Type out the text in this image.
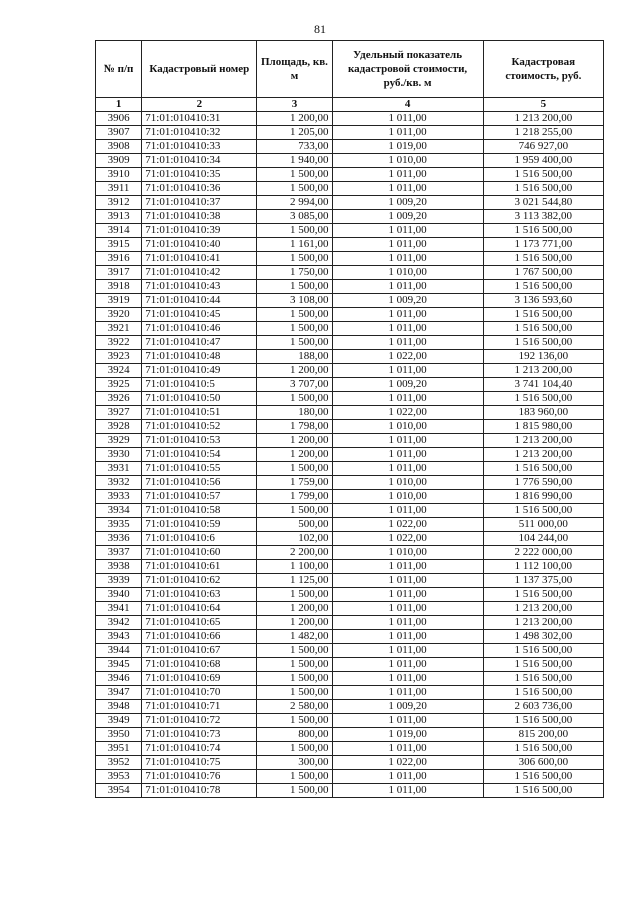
81
№ п/п	Кадастровый номер	Площадь, кв. м	Удельный показатель кадастровой стоимости, руб./кв. м	Кадастровая стоимость, руб.
1	2	3	4	5
3906	71:01:010410:31	1 200,00	1 011,00	1 213 200,00
3907	71:01:010410:32	1 205,00	1 011,00	1 218 255,00
3908	71:01:010410:33	733,00	1 019,00	746 927,00
3909	71:01:010410:34	1 940,00	1 010,00	1 959 400,00
3910	71:01:010410:35	1 500,00	1 011,00	1 516 500,00
3911	71:01:010410:36	1 500,00	1 011,00	1 516 500,00
3912	71:01:010410:37	2 994,00	1 009,20	3 021 544,80
3913	71:01:010410:38	3 085,00	1 009,20	3 113 382,00
3914	71:01:010410:39	1 500,00	1 011,00	1 516 500,00
3915	71:01:010410:40	1 161,00	1 011,00	1 173 771,00
3916	71:01:010410:41	1 500,00	1 011,00	1 516 500,00
3917	71:01:010410:42	1 750,00	1 010,00	1 767 500,00
3918	71:01:010410:43	1 500,00	1 011,00	1 516 500,00
3919	71:01:010410:44	3 108,00	1 009,20	3 136 593,60
3920	71:01:010410:45	1 500,00	1 011,00	1 516 500,00
3921	71:01:010410:46	1 500,00	1 011,00	1 516 500,00
3922	71:01:010410:47	1 500,00	1 011,00	1 516 500,00
3923	71:01:010410:48	188,00	1 022,00	192 136,00
3924	71:01:010410:49	1 200,00	1 011,00	1 213 200,00
3925	71:01:010410:5	3 707,00	1 009,20	3 741 104,40
3926	71:01:010410:50	1 500,00	1 011,00	1 516 500,00
3927	71:01:010410:51	180,00	1 022,00	183 960,00
3928	71:01:010410:52	1 798,00	1 010,00	1 815 980,00
3929	71:01:010410:53	1 200,00	1 011,00	1 213 200,00
3930	71:01:010410:54	1 200,00	1 011,00	1 213 200,00
3931	71:01:010410:55	1 500,00	1 011,00	1 516 500,00
3932	71:01:010410:56	1 759,00	1 010,00	1 776 590,00
3933	71:01:010410:57	1 799,00	1 010,00	1 816 990,00
3934	71:01:010410:58	1 500,00	1 011,00	1 516 500,00
3935	71:01:010410:59	500,00	1 022,00	511 000,00
3936	71:01:010410:6	102,00	1 022,00	104 244,00
3937	71:01:010410:60	2 200,00	1 010,00	2 222 000,00
3938	71:01:010410:61	1 100,00	1 011,00	1 112 100,00
3939	71:01:010410:62	1 125,00	1 011,00	1 137 375,00
3940	71:01:010410:63	1 500,00	1 011,00	1 516 500,00
3941	71:01:010410:64	1 200,00	1 011,00	1 213 200,00
3942	71:01:010410:65	1 200,00	1 011,00	1 213 200,00
3943	71:01:010410:66	1 482,00	1 011,00	1 498 302,00
3944	71:01:010410:67	1 500,00	1 011,00	1 516 500,00
3945	71:01:010410:68	1 500,00	1 011,00	1 516 500,00
3946	71:01:010410:69	1 500,00	1 011,00	1 516 500,00
3947	71:01:010410:70	1 500,00	1 011,00	1 516 500,00
3948	71:01:010410:71	2 580,00	1 009,20	2 603 736,00
3949	71:01:010410:72	1 500,00	1 011,00	1 516 500,00
3950	71:01:010410:73	800,00	1 019,00	815 200,00
3951	71:01:010410:74	1 500,00	1 011,00	1 516 500,00
3952	71:01:010410:75	300,00	1 022,00	306 600,00
3953	71:01:010410:76	1 500,00	1 011,00	1 516 500,00
3954	71:01:010410:78	1 500,00	1 011,00	1 516 500,00
